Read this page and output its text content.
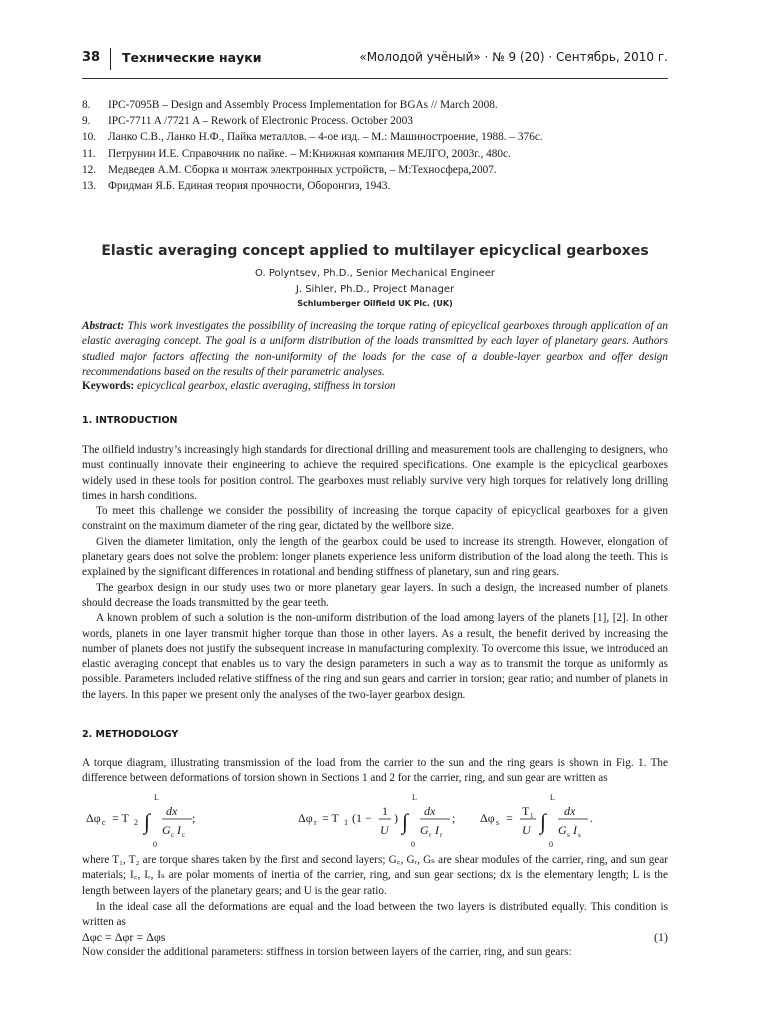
38 Технические науки	«Молодой учёный» · № 9 (20) · Сентябрь, 2010 г.
8. IPC-7095B – Design and Assembly Process Implementation for BGAs // March 2008.
9. IPC-7711 A /7721 A – Rework of Electronic Process. October 2003
10. Ланко С.В., Ланко Н.Ф., Пайка металлов. – 4-ое изд. – М.: Машиностроение, 1988. – 376с.
11. Петрунин И.Е. Справочник по пайке. – М:Книжная компания МЕЛГО, 2003г., 480с.
12. Медведев А.М. Сборка и монтаж электронных устройств, – М:Техносфера,2007.
13. Фридман Я.Б. Единая теория прочности, Оборонгиз, 1943.
Elastic averaging concept applied to multilayer epicyclical gearboxes
O. Polyntsev, Ph.D., Senior Mechanical Engineer
J. Sihler, Ph.D., Project Manager
Schlumberger Oilfield UK Plc. (UK)
Abstract: This work investigates the possibility of increasing the torque rating of epicyclical gearboxes through application of an elastic averaging concept. The goal is a uniform distribution of the loads transmitted by each layer of planetary gears. Authors studied major factors affecting the non-uniformity of the loads for the case of a double-layer gearbox and offer design recommendations based on the results of their parametric analyses.
Keywords: epicyclical gearbox, elastic averaging, stiffness in torsion
1. INTRODUCTION

The oilfield industry’s increasingly high standards for directional drilling and measurement tools are challenging to designers, who must continually innovate their engineering to achieve the required specifications. One example is the epicyclical gearboxes widely used in these tools for position control. The gearboxes must reliably survive very high torques for relatively long drilling times in harsh conditions.

To meet this challenge we consider the possibility of increasing the torque capacity of epicyclical gearboxes for a given constraint on the maximum diameter of the ring gear, dictated by the wellbore size.

Given the diameter limitation, only the length of the gearbox could be used to increase its strength. However, elongation of planetary gears does not solve the problem: longer planets experience less uniform distribution of the load along the teeth. This is explained by the significant differences in rotational and bending stiffness of planetary, sun and ring gears.

The gearbox design in our study uses two or more planetary gear layers. In such a design, the increased number of planets should decrease the loads transmitted by the gear teeth.

A known problem of such a solution is the non-uniform distribution of the load among layers of the planets [1], [2]. In other words, planets in one layer transmit higher torque than those in other layers. As a result, the benefit derived by increasing the number of planets does not justify the subsequent increase in manufacturing complexity. To overcome this issue, we introduced an elastic averaging concept that enables us to vary the design parameters in such a way as to transmit the torque as uniformly as possible. Parameters included relative stiffness of the ring and sun gears and carrier in torsion; gear ratio; and number of planets in the layers. In this paper we present only the analyses of the two-layer gearbox design.

2. METHODOLOGY
A torque diagram, illustrating transmission of the load from the carrier to the sun and the ring gears is shown in Fig. 1. The difference between deformations of torsion shown in Sections 1 and 2 for the carrier, ring, and sun gear are written as
Δφ c = T 2 ∫
L
0
dx
G c I c
;	Δφ r = T 1 (1 − 1
U
) ∫
L
0
dx
G r I r
; Δφ s = T 1
U ∫
L
0
dx
G s I s
.
where T₁, T₂ are torque shares taken by the first and second layers; G꜀, Gᵣ, Gₛ are shear modules of the carrier, ring, and sun gear materials; I꜀, Iᵣ, Iₛ are polar moments of inertia of the carrier, ring, and sun gear sections; dx is the elementary length; L is the length between layers of the planetary gears; and U is the gear ratio.

In the ideal case all the deformations are equal and the load between the two layers is distributed equally. This condition is written as

Δφc = Δφr = Δφs	(1)
Now consider the additional parameters: stiffness in torsion between layers of the carrier, ring, and sun gears:
